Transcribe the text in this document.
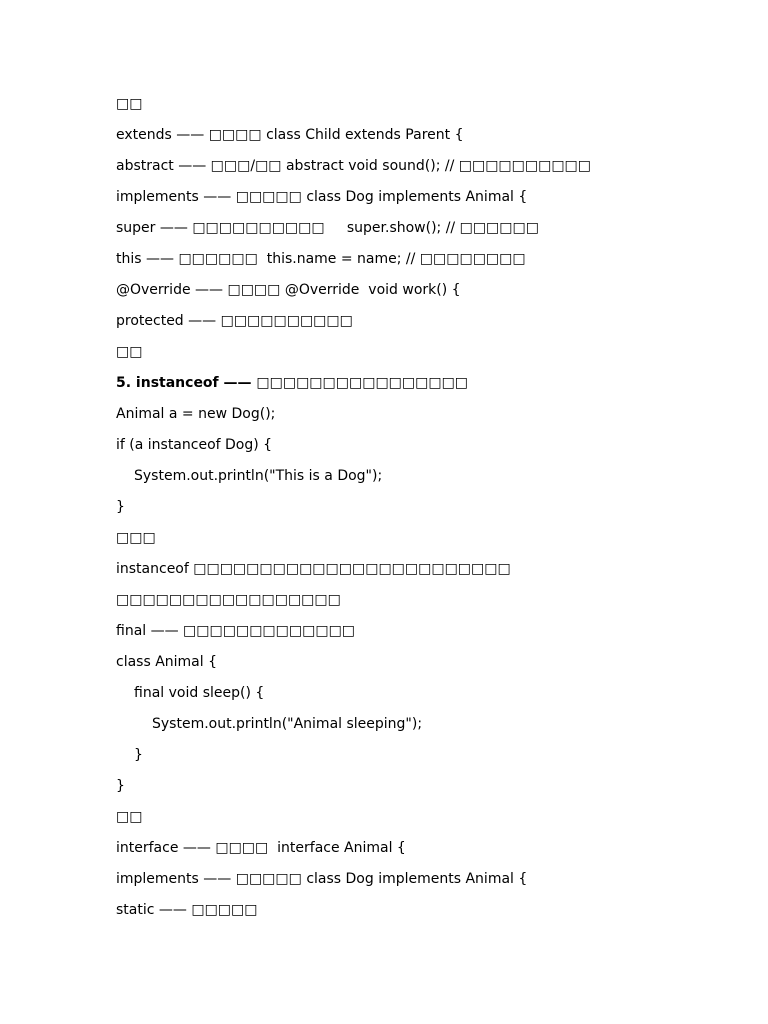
□□
extends —— □□□□ class Child extends Parent {
abstract —— □□□/□□ abstract void sound(); // □□□□□□□□□□
implements —— □□□□□ class Dog implements Animal {
super —— □□□□□□□□□□     super.show(); // □□□□□□
this —— □□□□□□  this.name = name; // □□□□□□□□
@Override —— □□□□ @Override  void work() {
protected —— □□□□□□□□□□
□□
5. instanceof —— □□□□□□□□□□□□□□□□
Animal a = new Dog();
if (a instanceof Dog) {
System.out.println("This is a Dog");
}
□□□
instanceof □□□□□□□□□□□□□□□□□□□□□□□□
□□□□□□□□□□□□□□□□□
final —— □□□□□□□□□□□□□
class Animal {
final void sleep() {
System.out.println("Animal sleeping");
}
}
□□
interface —— □□□□  interface Animal {
implements —— □□□□□ class Dog implements Animal {
static —— □□□□□
